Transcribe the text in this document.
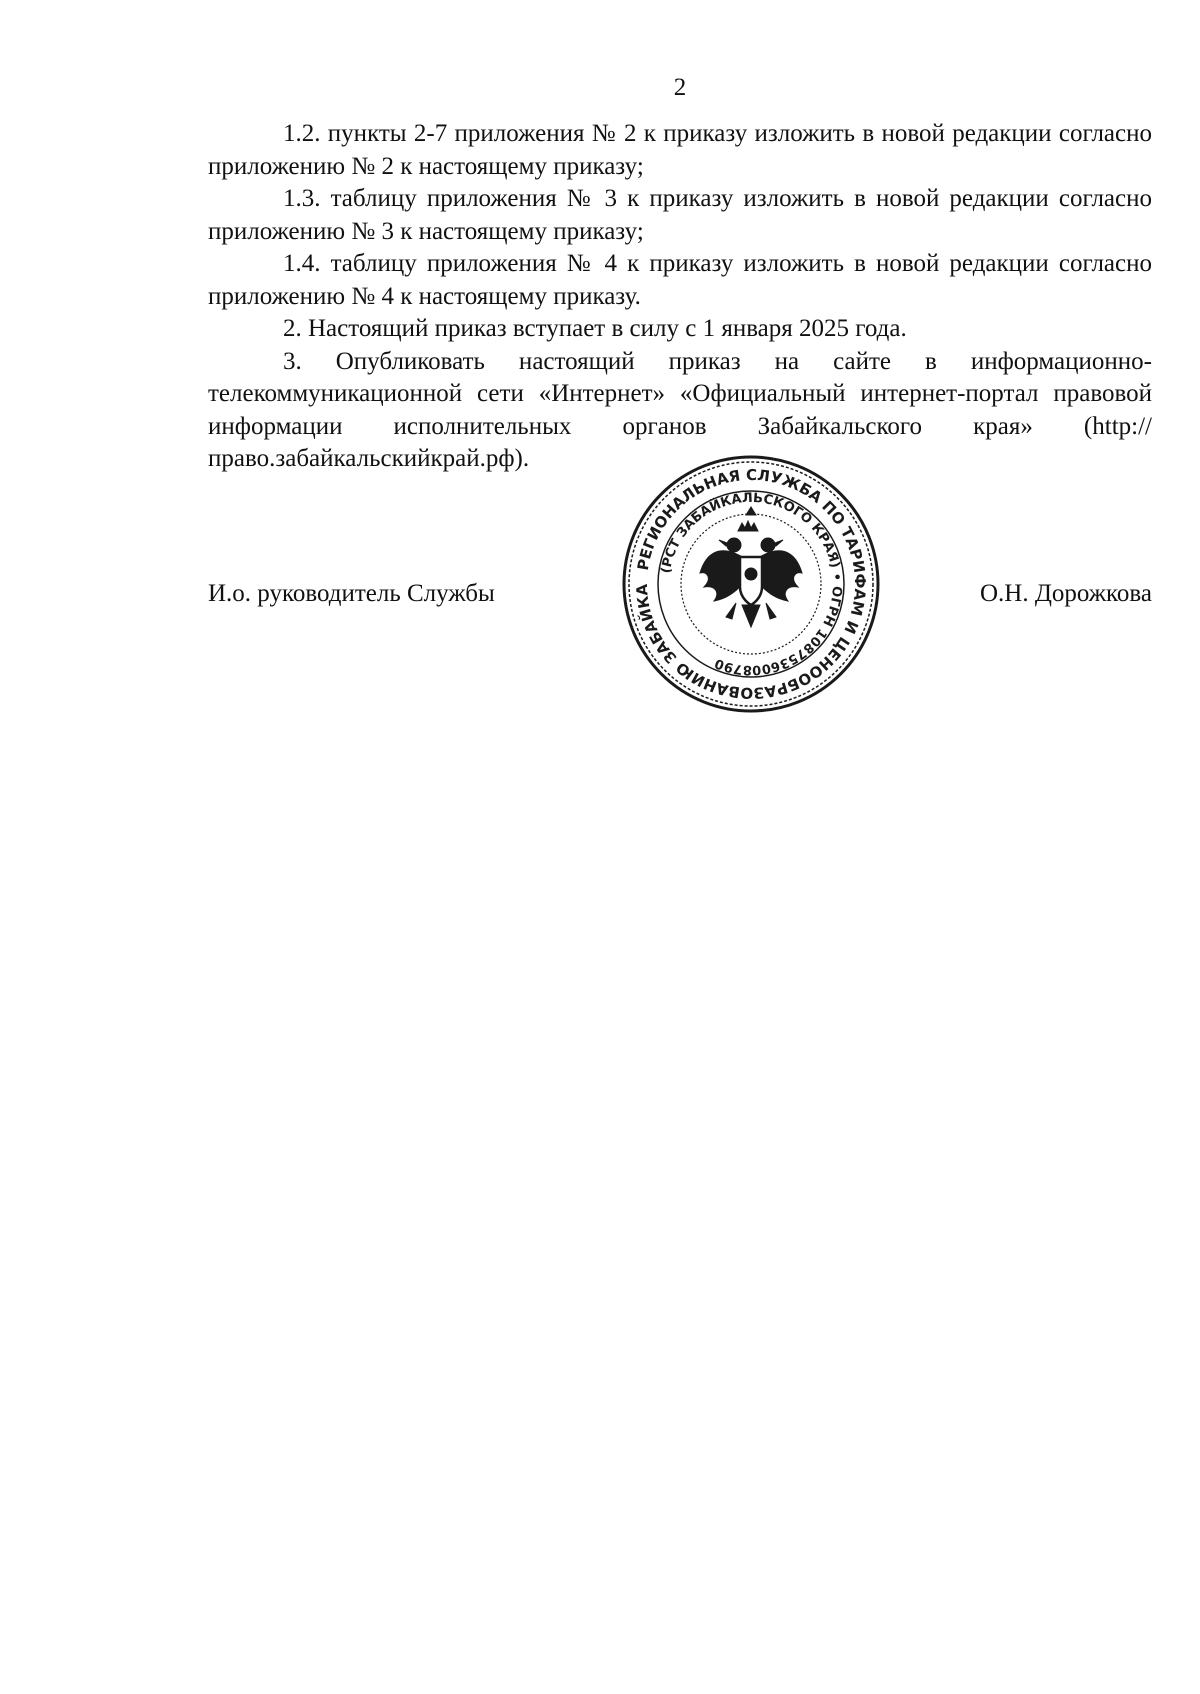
2

1.2. пункты 2-7 приложения № 2 к приказу изложить в новой редакции согласно приложению № 2 к настоящему приказу;

1.3. таблицу приложения № 3 к приказу изложить в новой редакции согласно приложению № 3 к настоящему приказу;

1.4. таблицу приложения № 4 к приказу изложить в новой редакции согласно приложению № 4 к настоящему приказу.

2. Настоящий приказ вступает в силу с 1 января 2025 года.

3. Опубликовать настоящий приказ на сайте в информационно-телекоммуникационной сети «Интернет» «Официальный интернет-портал правовой информации исполнительных органов Забайкальского края» (http://право.забайкальскийкрай.рф).

И.о. руководитель Службы	О.Н. Дорожкова
РЕГИОНАЛЬНАЯ СЛУЖБА ПО ТАРИФАМ И ЦЕНООБРАЗОВАНИЮ ЗАБАЙКА
(РСТ ЗАБАЙКАЛЬСКОГО КРАЯ) • ОГРН 1087536008790
